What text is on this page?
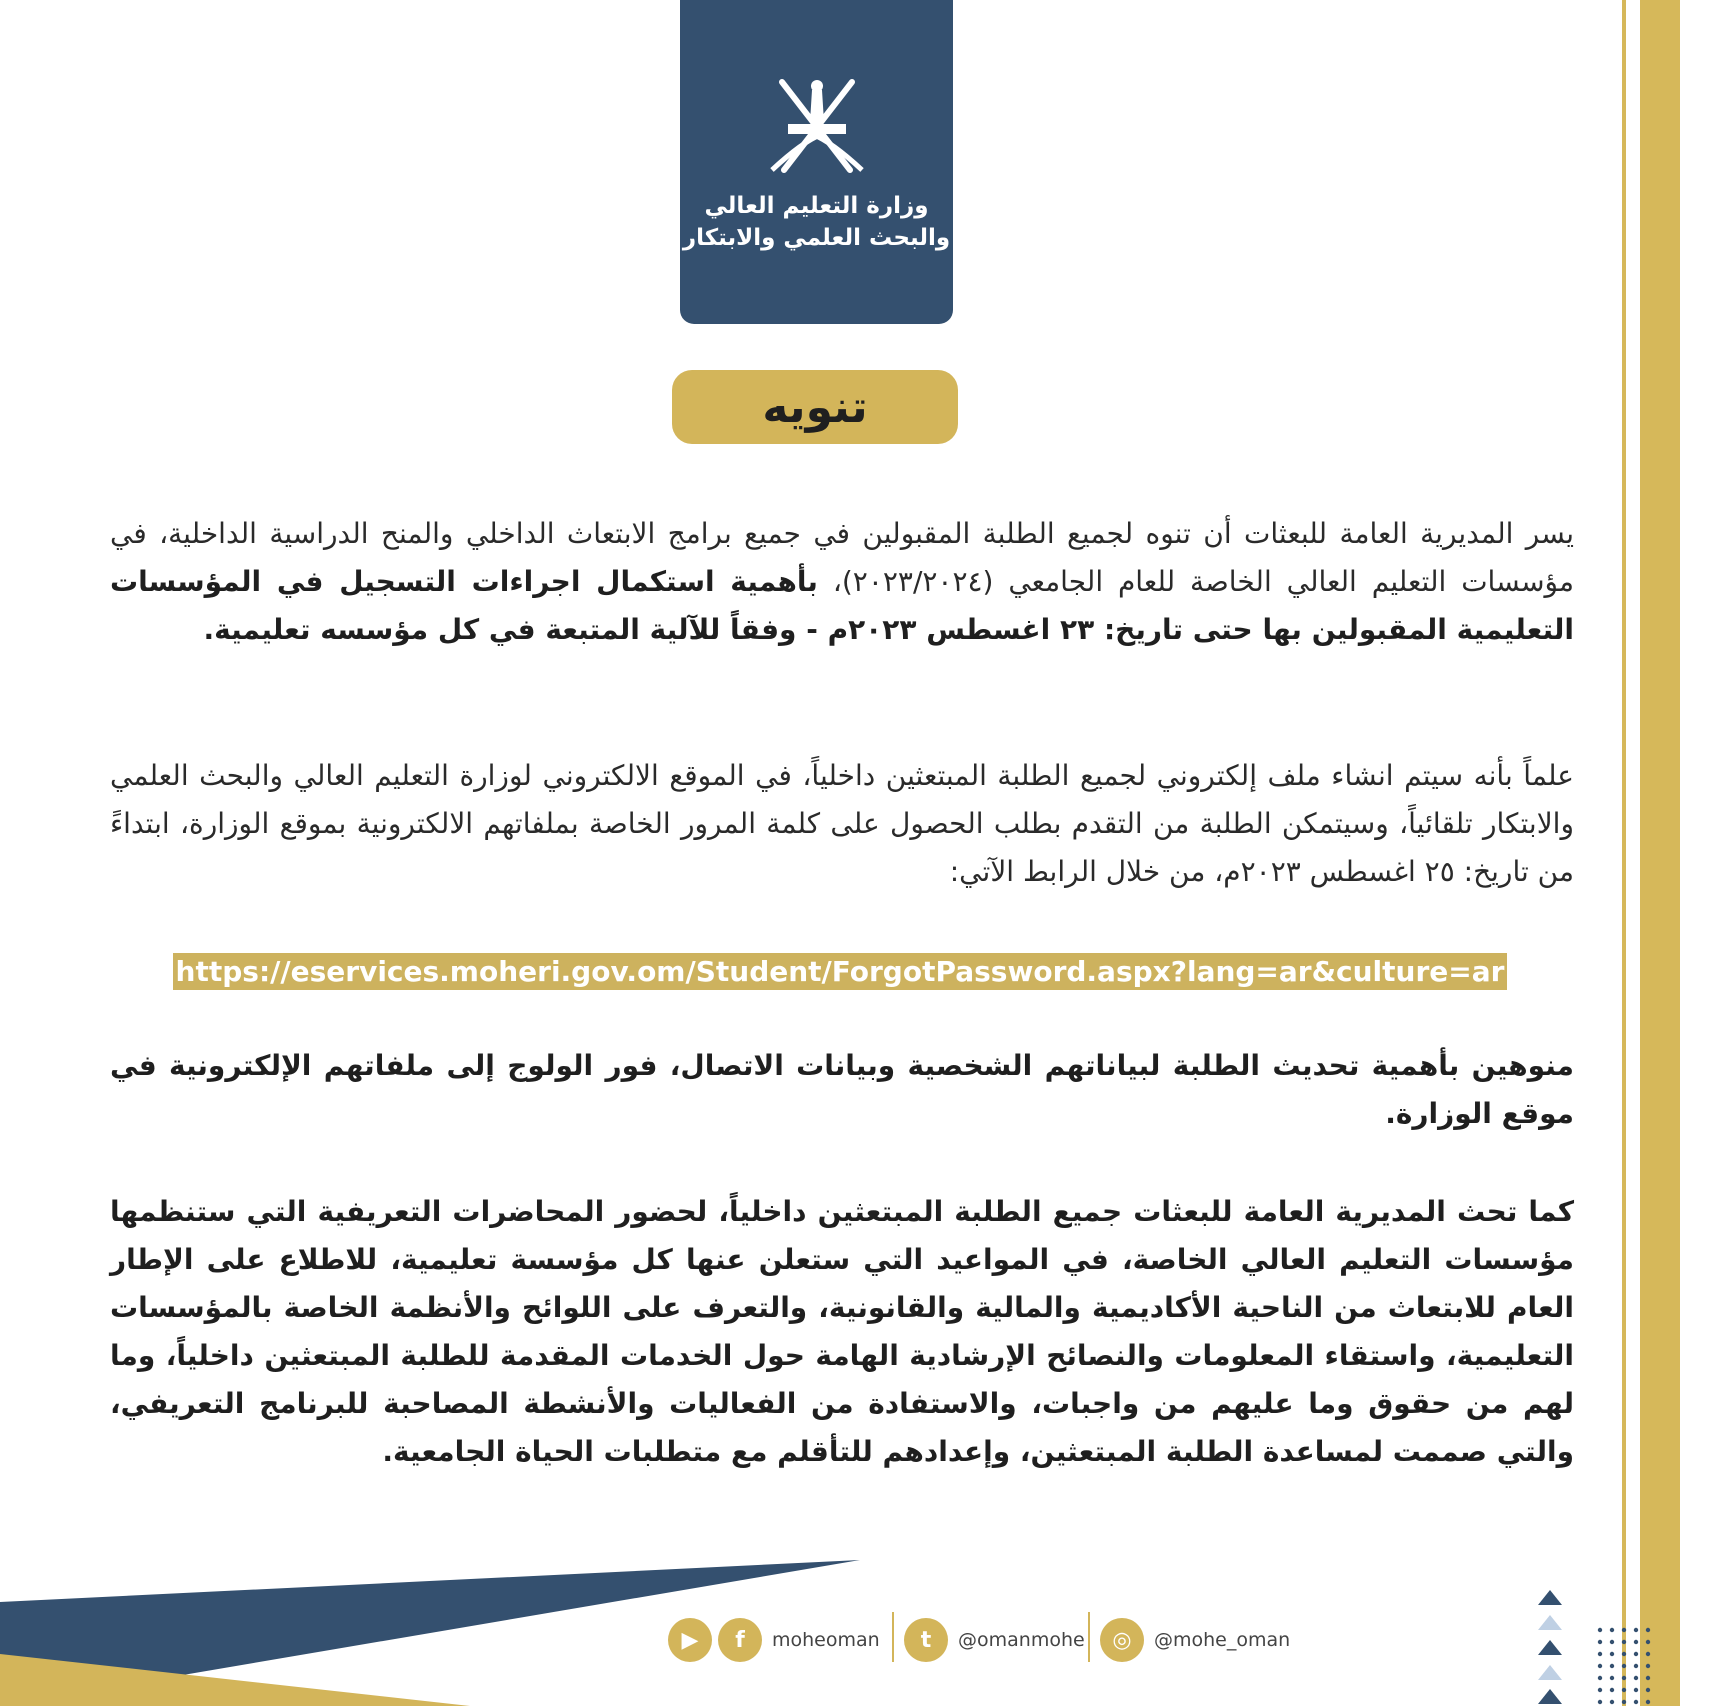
وزارة التعليم العالي
والبحث العلمي والابتكار
تنويه
يسر المديرية العامة للبعثات أن تنوه لجميع الطلبة المقبولين في جميع برامج الابتعاث الداخلي والمنح الدراسية الداخلية، في مؤسسات التعليم العالي الخاصة للعام الجامعي (٢٠٢٣/٢٠٢٤)، بأهمية استكمال اجراءات التسجيل في المؤسسات التعليمية المقبولين بها حتى تاريخ: ٢٣ اغسطس ٢٠٢٣م - وفقاً للآلية المتبعة في كل مؤسسه تعليمية.
علماً بأنه سيتم انشاء ملف إلكتروني لجميع الطلبة المبتعثين داخلياً، في الموقع الالكتروني لوزارة التعليم العالي والبحث العلمي والابتكار تلقائياً، وسيتمكن الطلبة من التقدم بطلب الحصول على كلمة المرور الخاصة بملفاتهم الالكترونية بموقع الوزارة، ابتداءً من تاريخ: ٢٥ اغسطس ٢٠٢٣م، من خلال الرابط الآتي:
https://eservices.moheri.gov.om/Student/ForgotPassword.aspx?lang=ar&culture=ar
منوهين بأهمية تحديث الطلبة لبياناتهم الشخصية وبيانات الاتصال، فور الولوج إلى ملفاتهم الإلكترونية في موقع الوزارة.
كما تحث المديرية العامة للبعثات جميع الطلبة المبتعثين داخلياً، لحضور المحاضرات التعريفية التي ستنظمها مؤسسات التعليم العالي الخاصة، في المواعيد التي ستعلن عنها كل مؤسسة تعليمية، للاطلاع على الإطار العام للابتعاث من الناحية الأكاديمية والمالية والقانونية، والتعرف على اللوائح والأنظمة الخاصة بالمؤسسات التعليمية، واستقاء المعلومات والنصائح الإرشادية الهامة حول الخدمات المقدمة للطلبة المبتعثين داخلياً، وما لهم من حقوق وما عليهم من واجبات، والاستفادة من الفعاليات والأنشطة المصاحبة للبرنامج التعريفي، والتي صممت لمساعدة الطلبة المبتعثين، وإعدادهم للتأقلم مع متطلبات الحياة الجامعية.
▶	f	moheoman	t	@omanmohe	◎	@mohe_oman
